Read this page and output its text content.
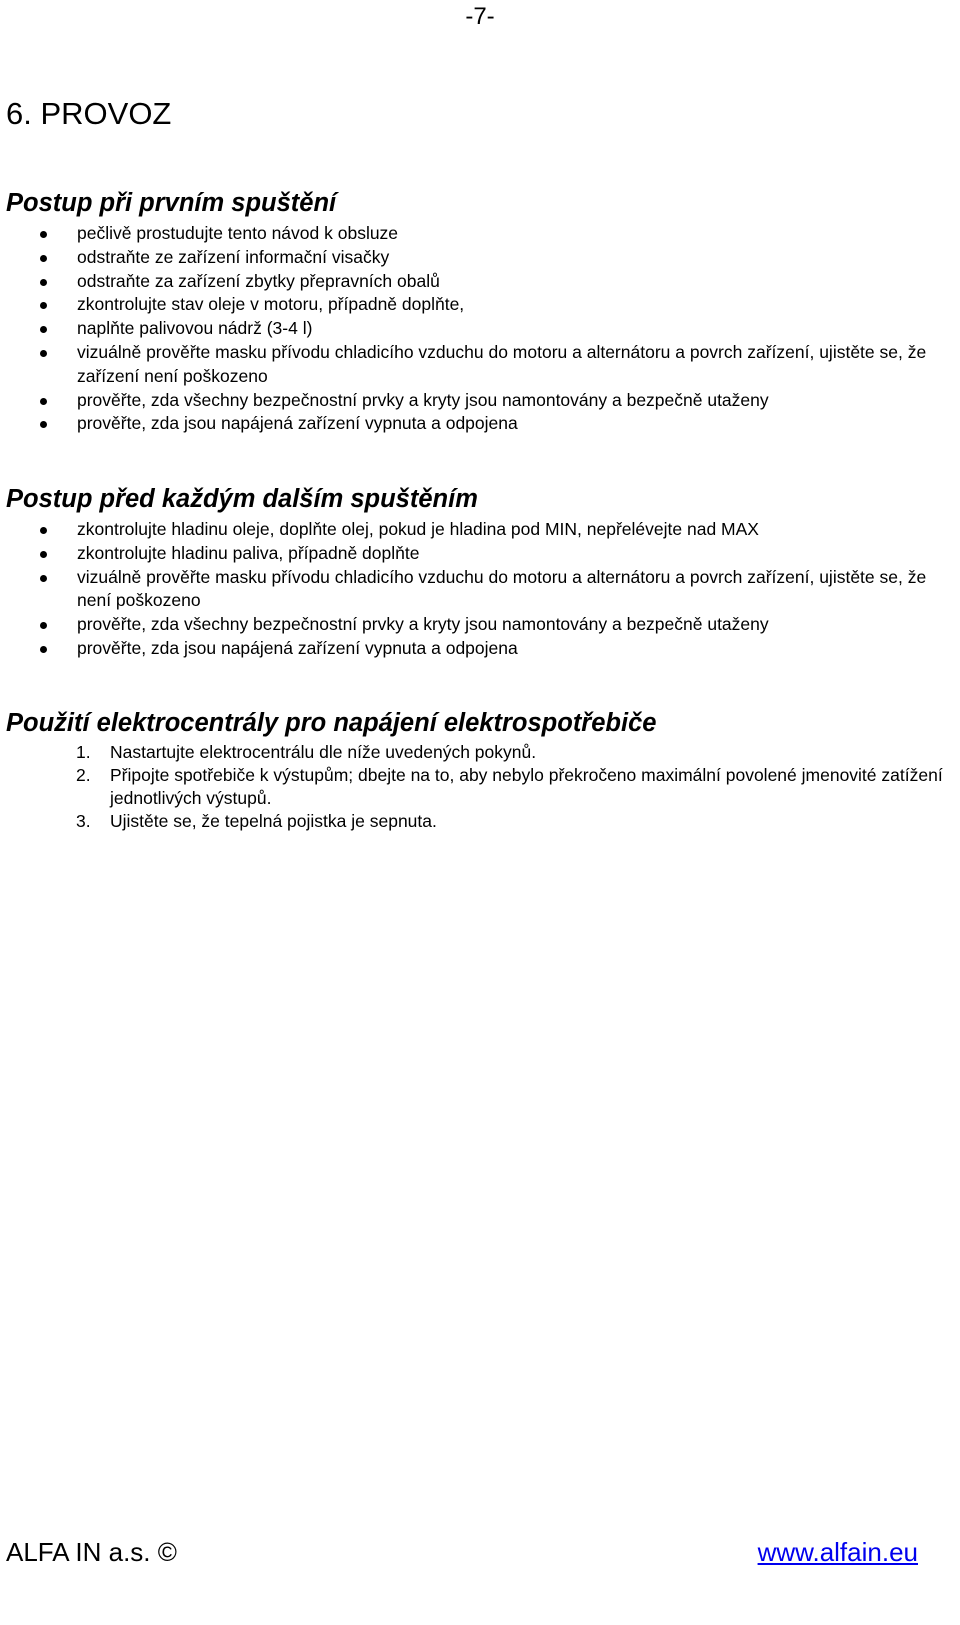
-7-
6. PROVOZ
Postup při prvním spuštění
pečlivě prostudujte tento návod k obsluze
odstraňte ze zařízení informační visačky
odstraňte za zařízení zbytky přepravních obalů
zkontrolujte stav oleje v motoru, případně doplňte,
naplňte palivovou nádrž (3-4 l)
vizuálně prověřte masku přívodu chladicího vzduchu do motoru a alternátoru a povrch zařízení, ujistěte se, že zařízení není poškozeno
prověřte, zda všechny bezpečnostní prvky a kryty jsou namontovány a bezpečně utaženy
prověřte, zda jsou napájená zařízení vypnuta a odpojena
Postup před každým dalším spuštěním
zkontrolujte hladinu oleje, doplňte olej, pokud je hladina pod MIN, nepřelévejte nad MAX
zkontrolujte hladinu paliva, případně doplňte
vizuálně prověřte masku přívodu chladicího vzduchu do motoru a alternátoru a povrch zařízení, ujistěte se, že není poškozeno
prověřte, zda všechny bezpečnostní prvky a kryty jsou namontovány a bezpečně utaženy
prověřte, zda jsou napájená zařízení vypnuta a odpojena
Použití elektrocentrály pro napájení elektrospotřebiče
1. Nastartujte elektrocentrálu dle níže uvedených pokynů.
2. Připojte spotřebiče k výstupům; dbejte na to, aby nebylo překročeno maximální povolené jmenovité zatížení jednotlivých výstupů.
3. Ujistěte se, že tepelná pojistka je sepnuta.
ALFA IN a.s. ©	www.alfain.eu
